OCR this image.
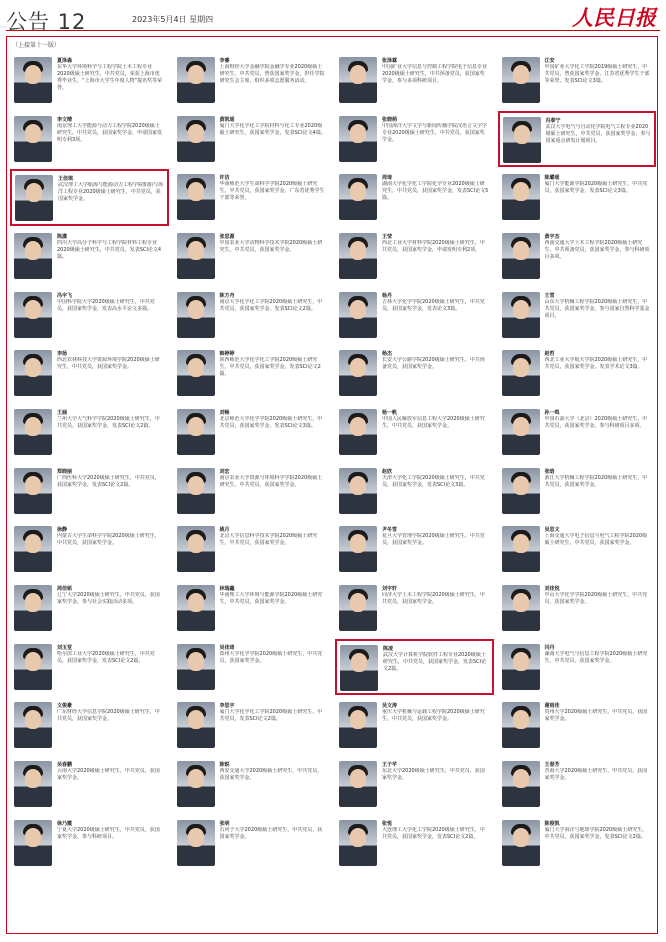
公告 12	2023年5月4日 星期四	人民日报
（上接第十一版）
夏泽森
东华大学环境科学与工程学院土木工程专业2020级硕士研究生，中共党员，荣获上海市优秀毕业生、“上海市大学生年度人物”提名奖等荣誉。
李睿
上海财经大学金融学院金融学专业2020级硕士研究生，中共党员，曾获国家奖学金，担任学院研究生会主席，组织多项志愿服务活动。
张泽霖
中国矿业大学信息与控制工程学院电子信息专业2020级硕士研究生，中共预备党员，获国家奖学金，参与多项科研项目。
江安
中国矿业大学化工学院2019级硕士研究生，中共党员，曾获国家奖学金、江苏省优秀学生干部等荣誉，发表SCI论文3篇。
李文晴
南京理工大学能源与动力工程学院2020级硕士研究生，中共党员，获国家奖学金，申请国家发明专利3项。
黄凯瑶
厦门大学化学化工学院材料与化工专业2020级硕士研究生，获国家奖学金，发表SCI论文4篇。
张晓萌
中国海洋大学文学与新闻传播学院汉语言文字学专业2020级硕士研究生，中共党员，获国家奖学金。
冯泰宁
武汉大学电气与自动化学院电气工程专业2020级硕士研究生，中共党员，获国家奖学金，参与国家重点研发计划项目。
王佳琪
武汉理工大学船海与能源动力工程学院船舶与海洋工程专业2020级硕士研究生，中共党员，获国家奖学金。
许洁
华南师范大学生命科学学院2020级硕士研究生，中共党员，获国家奖学金、广东省优秀学生干部等荣誉。
周琦
湖南大学化学化工学院化学专业2020级硕士研究生，中共党员，获国家奖学金，发表SCI论文5篇。
陈璐瑶
厦门大学能源学院2020级硕士研究生，中共党员，获国家奖学金，发表SCI论文3篇。
陈潇
四川大学高分子科学与工程学院材料工程专业2020级硕士研究生，中共党员，发表SCI论文4篇。
张思源
中国农业大学动物科学技术学院2020级硕士研究生，中共党员，获国家奖学金。
王莹
西北工业大学材料学院2020级硕士研究生，中共党员，获国家奖学金，申请发明专利2项。
黄宇杰
西南交通大学土木工程学院2020级硕士研究生，中共预备党员，获国家奖学金，参与科研项目多项。
冯宇飞
中国科学院大学2020级硕士研究生，中共党员，获国家奖学金，发表高水平论文多篇。
陈方舟
南京大学化学化工学院2020级硕士研究生，中共党员，获国家奖学金，发表SCI论文2篇。
杨丹
吉林大学化学学院2020级硕士研究生，中共党员，获国家奖学金，发表论文3篇。
王雪
山东大学机械工程学院2020级硕士研究生，中共党员，获国家奖学金，参与国家自然科学基金项目。
李扬
西北农林科技大学资源环境学院2020级硕士研究生，中共党员，获国家奖学金。
韩婷婷
陕西师范大学化学化工学院2020级硕士研究生，中共党员，获国家奖学金，发表SCI论文2篇。
杨杰
长安大学公路学院2020级硕士研究生，中共预备党员，获国家奖学金。
赵哲
西北工业大学航天学院2020级硕士研究生，中共党员，获国家奖学金，发表学术论文3篇。
王涵
兰州大学大气科学学院2020级硕士研究生，中共党员，获国家奖学金，发表SCI论文2篇。
刘畅
北京师范大学化学学院2020级硕士研究生，中共党员，获国家奖学金，发表SCI论文3篇。
杨一帆
中国人民解放军信息工程大学2020级硕士研究生，中共党员，获国家奖学金。
孙一鸣
中国石油大学（北京）2020级硕士研究生，中共党员，获国家奖学金，参与科研项目多项。
郑晓丽
广西医科大学2020级硕士研究生，中共党员，获国家奖学金，发表SCI论文2篇。
刘宏
南京农业大学资源与环境科学学院2020级硕士研究生，中共党员，获国家奖学金。
赵欣
天津大学化工学院2020级硕士研究生，中共党员，获国家奖学金，发表SCI论文3篇。
张晗
浙江大学机械工程学院2020级硕士研究生，中共党员，获国家奖学金。
徐静
内蒙古大学生命科学学院2020级硕士研究生，中共党员，获国家奖学金。
姚月
北京大学信息科学技术学院2020级硕士研究生，中共党员，获国家奖学金。
尹冬雪
复旦大学管理学院2020级硕士研究生，中共党员，获国家奖学金。
吴思文
上海交通大学电子信息与电气工程学院2020级硕士研究生，中共党员，获国家奖学金。
周佳铭
辽宁大学2020级硕士研究生，中共党员，获国家奖学金，参与社会实践活动多项。
林瑞鑫
华南理工大学环境与能源学院2020级硕士研究生，中共党员，获国家奖学金。
刘宇轩
同济大学土木工程学院2020级硕士研究生，中共党员，获国家奖学金。
刘佳悦
中山大学化学学院2020级硕士研究生，中共党员，获国家奖学金。
刘玉堂
哈尔滨工业大学2020级硕士研究生，中共党员，获国家奖学金，发表SCI论文2篇。
吴佳琦
郑州大学化学学院2020级硕士研究生，中共党员，获国家奖学金。
陈凌
武汉大学计算机学院软件工程专业2020级硕士研究生，中共党员，获国家奖学金，发表SCI论文2篇。
闫丹
湖南大学电气与信息工程学院2020级硕士研究生，中共党员，获国家奖学金。
文俊豪
广东财经大学信息学院2020级硕士研究生，中共党员，获国家奖学金。
李思宇
厦门大学化学化工学院2020级硕士研究生，中共党员，发表SCI论文2篇。
吴文涛
重庆大学机械与运载工程学院2020级硕士研究生，中共党员，获国家奖学金。
谢雨佳
贵州大学2020级硕士研究生，中共党员，获国家奖学金。
吴春鹏
云南大学2020级硕士研究生，中共党员，获国家奖学金。
陈锐
西安交通大学2020级硕士研究生，中共党员，获国家奖学金。
王子芊
东北大学2020级硕士研究生，中共党员，获国家奖学金。
王春芳
青海大学2020级硕士研究生，中共党员，获国家奖学金。
徐乃霞
宁夏大学2020级硕士研究生，中共党员，获国家奖学金，参与科研项目。
张明
石河子大学2020级硕士研究生，中共党员，获国家奖学金。
张悦
大连理工大学化工学院2020级硕士研究生，中共党员，获国家奖学金，发表SCI论文2篇。
陈俊凯
厦门大学海洋与地球学院2020级硕士研究生，中共党员，获国家奖学金，发表SCI论文2篇。
